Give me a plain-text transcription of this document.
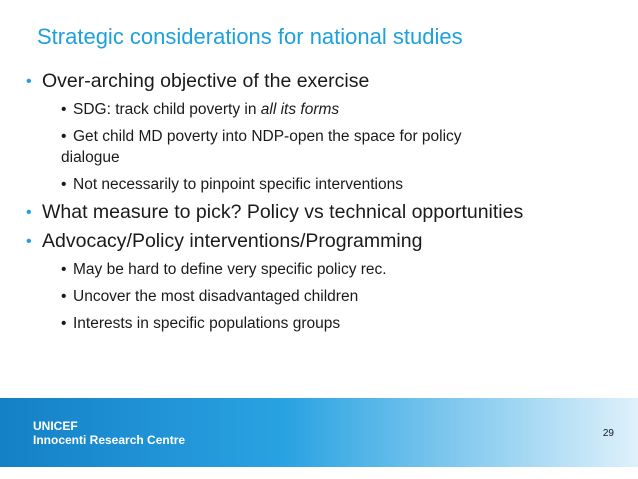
Strategic considerations for national studies
• Over-arching objective of the exercise
• SDG: track child poverty in all its forms
• Get child MD poverty into NDP-open the space for policy
dialogue
• Not necessarily to pinpoint specific interventions
• What measure to pick? Policy vs technical opportunities
• Advocacy/Policy interventions/Programming
• May be hard to define very specific policy rec.
• Uncover the most disadvantaged children
• Interests in specific populations groups
UNICEF
Innocenti Research Centre	29
